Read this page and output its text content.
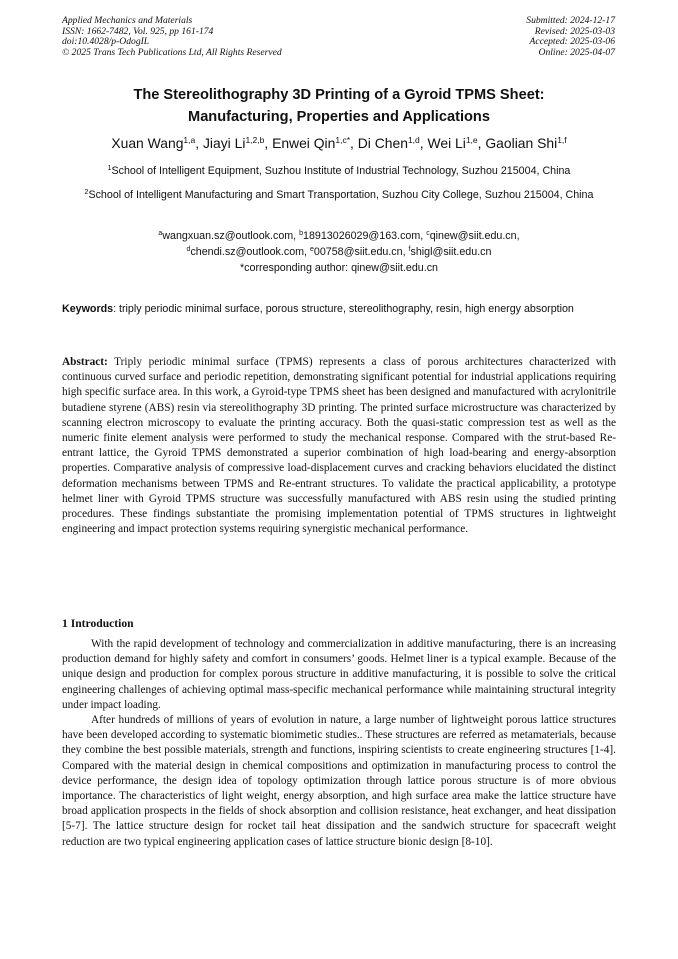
Applied Mechanics and Materials
ISSN: 1662-7482, Vol. 925, pp 161-174
doi:10.4028/p-OdogIL
© 2025 Trans Tech Publications Ltd, All Rights Reserved
Submitted: 2024-12-17
Revised: 2025-03-03
Accepted: 2025-03-06
Online: 2025-04-07
The Stereolithography 3D Printing of a Gyroid TPMS Sheet:
Manufacturing, Properties and Applications
Xuan Wang$^{1,a}$, Jiayi Li$^{1,2,b}$, Enwei Qin$^{1,c*}$, Di Chen$^{1,d}$, Wei Li$^{1,e}$, Gaolian Shi$^{1,f}$
$^1$School of Intelligent Equipment, Suzhou Institute of Industrial Technology, Suzhou 215004, China
$^2$School of Intelligent Manufacturing and Smart Transportation, Suzhou City College, Suzhou 215004, China
$^a$wangxuan.sz@outlook.com, $^b$18913026029@163.com, $^c$qinew@siit.edu.cn,
$^d$chendi.sz@outlook.com, $^e$00758@siit.edu.cn, $^f$shigl@siit.edu.cn
*corresponding author: qinew@siit.edu.cn
Keywords: triply periodic minimal surface, porous structure, stereolithography, resin, high energy absorption
Abstract: Triply periodic minimal surface (TPMS) represents a class of porous architectures characterized with continuous curved surface and periodic repetition, demonstrating significant potential for industrial applications requiring high specific surface area. In this work, a Gyroid-type TPMS sheet has been designed and manufactured with acrylonitrile butadiene styrene (ABS) resin via stereolithography 3D printing. The printed surface microstructure was characterized by scanning electron microscopy to evaluate the printing accuracy. Both the quasi-static compression test as well as the numeric finite element analysis were performed to study the mechanical response. Compared with the strut-based Re-entrant lattice, the Gyroid TPMS demonstrated a superior combination of high load-bearing and energy-absorption properties. Comparative analysis of compressive load-displacement curves and cracking behaviors elucidated the distinct deformation mechanisms between TPMS and Re-entrant structures. To validate the practical applicability, a prototype helmet liner with Gyroid TPMS structure was successfully manufactured with ABS resin using the studied printing procedures. These findings substantiate the promising implementation potential of TPMS structures in lightweight engineering and impact protection systems requiring synergistic mechanical performance.
1 Introduction

With the rapid development of technology and commercialization in additive manufacturing, there is an increasing production demand for highly safety and comfort in consumers’ goods. Helmet liner is a typical example. Because of the unique design and production for complex porous structure in additive manufacturing, it is possible to solve the critical engineering challenges of achieving optimal mass-specific mechanical performance while maintaining structural integrity under impact loading.

After hundreds of millions of years of evolution in nature, a large number of lightweight porous lattice structures have been developed according to systematic biomimetic studies.. These structures are referred as metamaterials, because they combine the best possible materials, strength and functions, inspiring scientists to create engineering structures [1-4]. Compared with the material design in chemical compositions and optimization in manufacturing process to control the device performance, the design idea of topology optimization through lattice porous structure is of more obvious importance. The characteristics of light weight, energy absorption, and high surface area make the lattice structure have broad application prospects in the fields of shock absorption and collision resistance, heat exchanger, and heat dissipation [5-7]. The lattice structure design for rocket tail heat dissipation and the sandwich structure for spacecraft weight reduction are two typical engineering application cases of lattice structure bionic design [8-10].
